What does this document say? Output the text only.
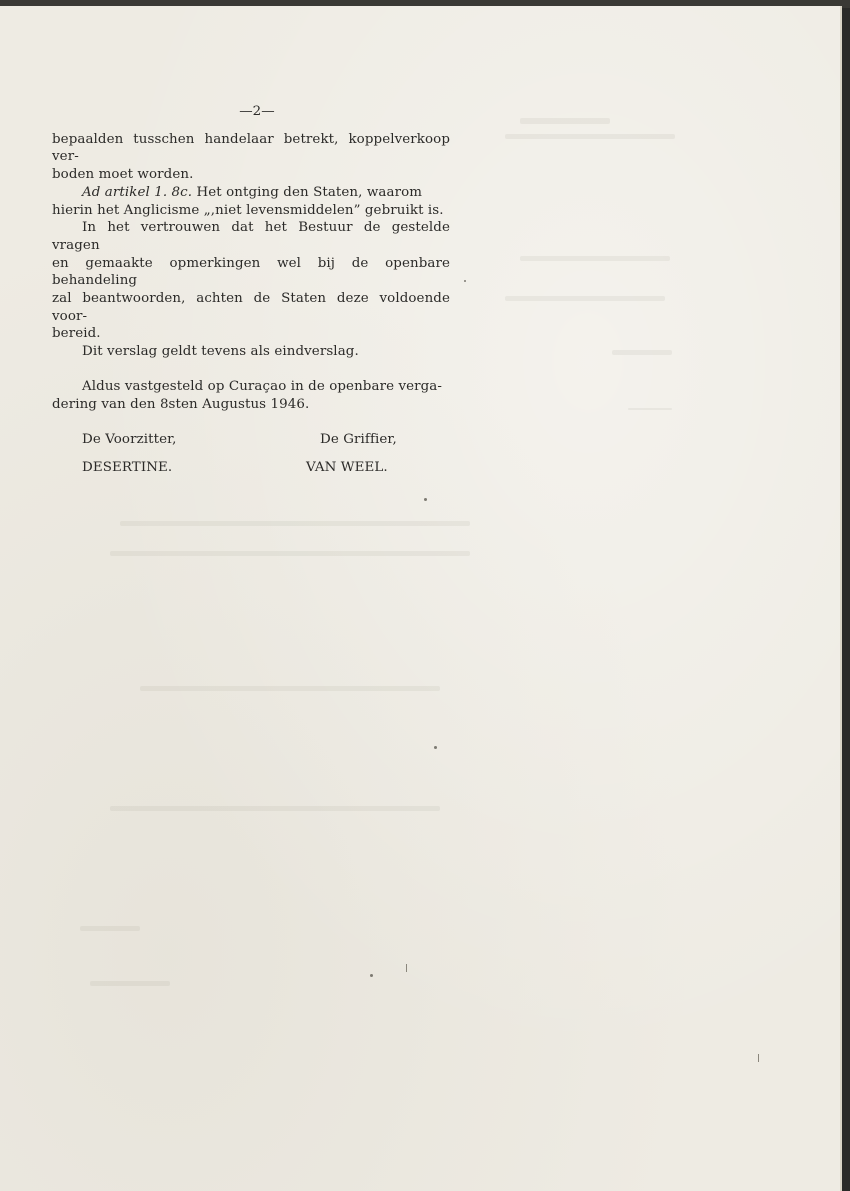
—2—

bepaalden tusschen handelaar betrekt, koppelverkoop ver-
boden moet worden.

Ad artikel 1. 8c. Het ontging den Staten, waarom
hierin het Anglicisme „,niet levensmiddelen” gebruikt is.

In het vertrouwen dat het Bestuur de gestelde vragen
en gemaakte opmerkingen wel bij de openbare behandeling
zal beantwoorden, achten de Staten deze voldoende voor-
bereid.

Dit verslag geldt tevens als eindverslag.

Aldus vastgesteld op Curaçao in de openbare verga-
dering van den 8sten Augustus 1946.

De Voorzitter,	De Griffier,
DESERTINE.	VAN WEEL.
